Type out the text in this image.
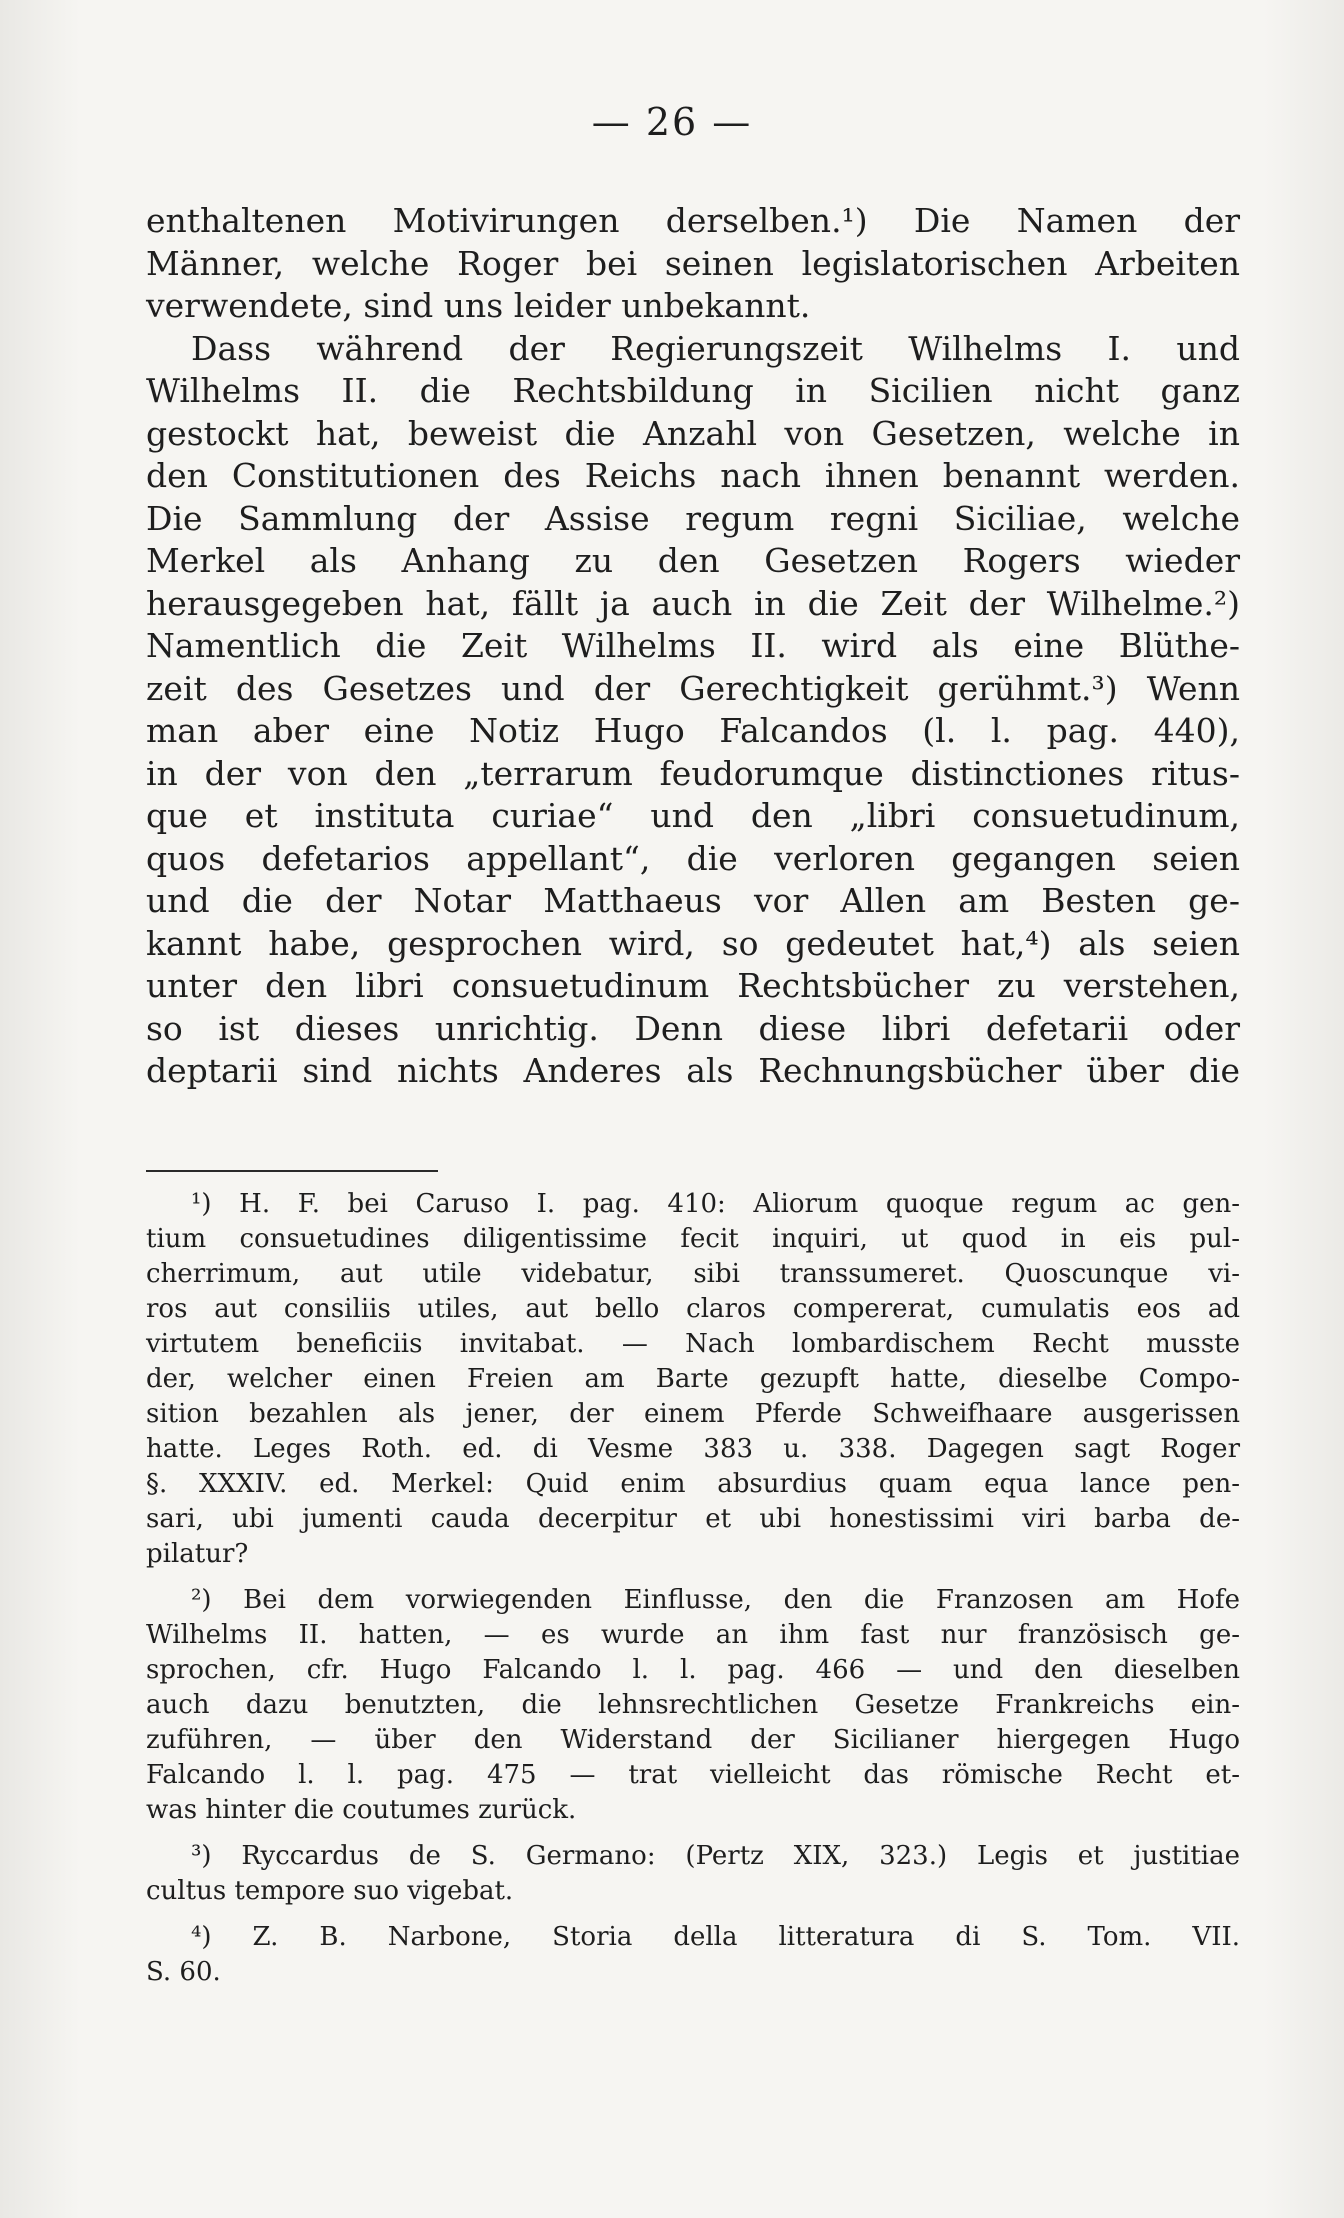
— 26 —
enthaltenen Motivirungen derselben.¹) Die Namen der
Männer, welche Roger bei seinen legislatorischen Arbeiten
verwendete, sind uns leider unbekannt.
Dass während der Regierungszeit Wilhelms I. und
Wilhelms II. die Rechtsbildung in Sicilien nicht ganz
gestockt hat, beweist die Anzahl von Gesetzen, welche in
den Constitutionen des Reichs nach ihnen benannt werden.
Die Sammlung der Assise regum regni Siciliae, welche
Merkel als Anhang zu den Gesetzen Rogers wieder
herausgegeben hat, fällt ja auch in die Zeit der Wilhelme.²)
Namentlich die Zeit Wilhelms II. wird als eine Blüthe-
zeit des Gesetzes und der Gerechtigkeit gerühmt.³) Wenn
man aber eine Notiz Hugo Falcandos (l. l. pag. 440),
in der von den „terrarum feudorumque distinctiones ritus-
que et instituta curiae“ und den „libri consuetudinum,
quos defetarios appellant“, die verloren gegangen seien
und die der Notar Matthaeus vor Allen am Besten ge-
kannt habe, gesprochen wird, so gedeutet hat,⁴) als seien
unter den libri consuetudinum Rechtsbücher zu verstehen,
so ist dieses unrichtig. Denn diese libri defetarii oder
deptarii sind nichts Anderes als Rechnungsbücher über die
¹) H. F. bei Caruso I. pag. 410: Aliorum quoque regum ac gen-
tium consuetudines diligentissime fecit inquiri, ut quod in eis pul-
cherrimum, aut utile videbatur, sibi transsumeret. Quoscunque vi-
ros aut consiliis utiles, aut bello claros compererat, cumulatis eos ad
virtutem beneficiis invitabat. — Nach lombardischem Recht musste
der, welcher einen Freien am Barte gezupft hatte, dieselbe Compo-
sition bezahlen als jener, der einem Pferde Schweifhaare ausgerissen
hatte. Leges Roth. ed. di Vesme 383 u. 338. Dagegen sagt Roger
§. XXXIV. ed. Merkel: Quid enim absurdius quam equa lance pen-
sari, ubi jumenti cauda decerpitur et ubi honestissimi viri barba de-
pilatur?
²) Bei dem vorwiegenden Einflusse, den die Franzosen am Hofe
Wilhelms II. hatten, — es wurde an ihm fast nur französisch ge-
sprochen, cfr. Hugo Falcando l. l. pag. 466 — und den dieselben
auch dazu benutzten, die lehnsrechtlichen Gesetze Frankreichs ein-
zuführen, — über den Widerstand der Sicilianer hiergegen Hugo
Falcando l. l. pag. 475 — trat vielleicht das römische Recht et-
was hinter die coutumes zurück.
³) Ryccardus de S. Germano: (Pertz XIX, 323.) Legis et justitiae
cultus tempore suo vigebat.
⁴) Z. B. Narbone, Storia della litteratura di S. Tom. VII.
S. 60.
